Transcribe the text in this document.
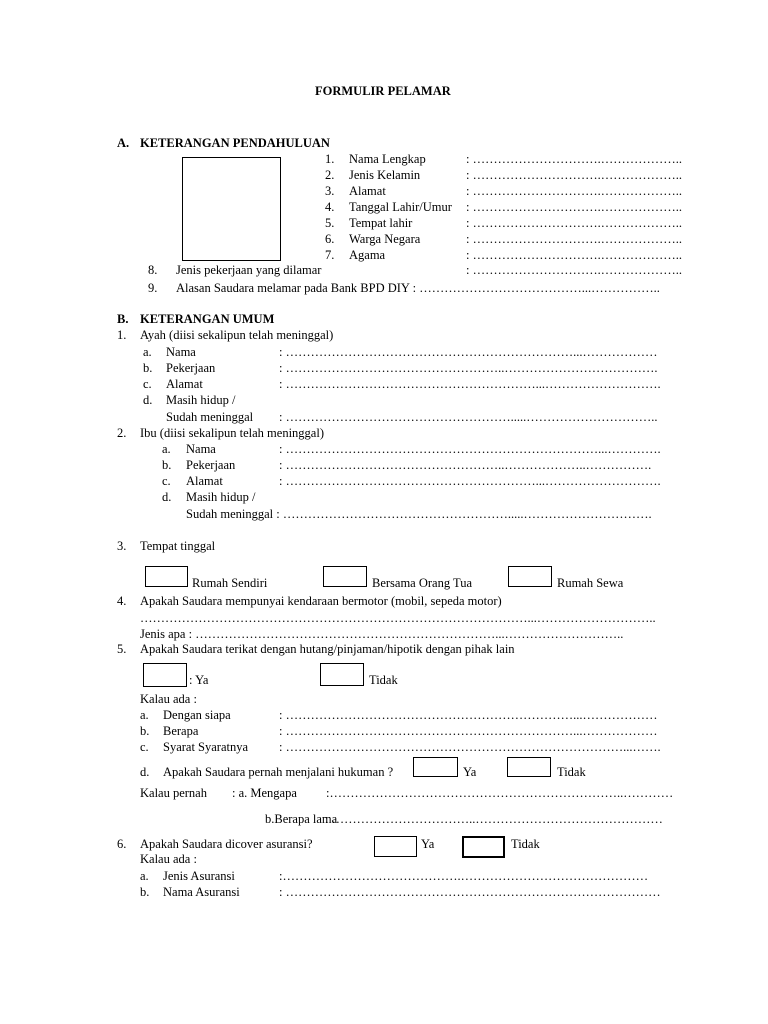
FORMULIR PELAMAR
A. KETERANGAN PENDAHULUAN
1. Nama Lengkap	: ………………………….………………..
2. Jenis Kelamin	: ………………………….………………..
3. Alamat	: ………………………….………………..
4. Tanggal Lahir/Umur : ………………………….………………..
5. Tempat lahir	: ………………………….………………..
6. Warga Negara	: ………………………….………………..
7. Agama	: ………………………….………………..
8. Jenis pekerjaan yang dilamar	: ………………………….………………..
9. Alasan Saudara melamar pada Bank BPD DIY : …………………………………...……………..
B. KETERANGAN UMUM
1. Ayah (diisi sekalipun telah meninggal)
a. Nama	: ……………………………………………………………...………………
b. Pekerjaan	: ……………………………………………..……………………………….
c. Alamat	: ……………………………………………………...……………………….
d. Masih hidup /
Sudah meninggal : ……………………………………………….....…………………………..
2. Ibu (diisi sekalipun telah meninggal)
a. Nama	: …………………………………………………………………...………….
b. Pekerjaan	: ……………………………………………..………………..…………….
c. Alamat	: ……………………………………………………...……………………….
d. Masih hidup /
Sudah meninggal : ……………………………………………….....………………………….
3. Tempat tinggal
Rumah Sendiri	Bersama Orang Tua	Rumah Sewa
4. Apakah Saudara mempunyai kendaraan bermotor (mobil, sepeda motor)
…………………………………………………………………………………...………………………..
Jenis apa : ………………………………………………………………...………………………..
5. Apakah Saudara terikat dengan hutang/pinjaman/hipotik dengan pihak lain
: Ya	Tidak
Kalau ada :
a. Dengan siapa	: ……………………………………………………………...………………
b. Berapa	: ……………………………………………………………...………………
c. Syarat Syaratnya : ………………………………………………………………………...…….
d. Apakah Saudara pernah menjalani hukuman ?	Ya	Tidak
Kalau pernah : a. Mengapa :……………………………………………………………..…………
b.Berapa lama
: ……………………………..………………………………………
6. Apakah Saudara dicover asuransi?	Ya	Tidak
Kalau ada :
a. Jenis Asuransi	:…………………………………….………………………………………
b. Nama Asuransi	: ………………………………………………………………………………
